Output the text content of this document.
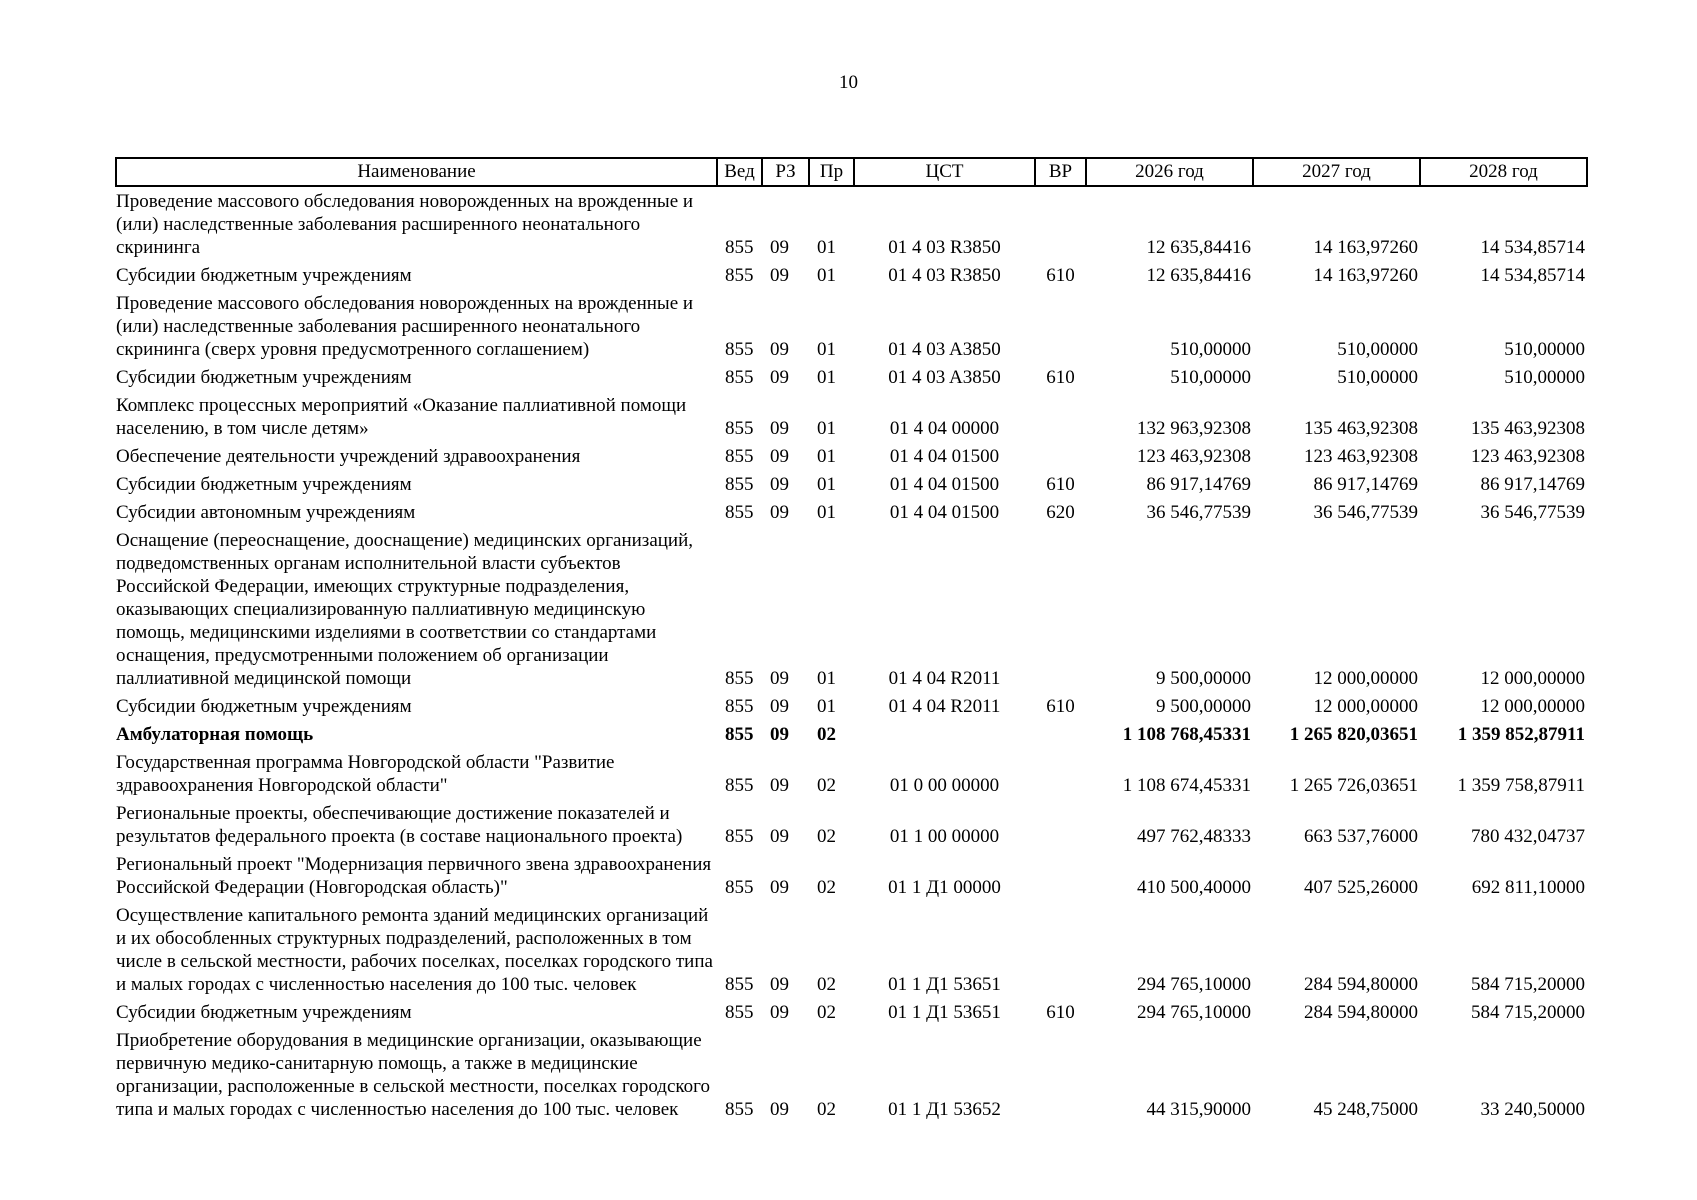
10
Наименование	Вед	РЗ	Пр	ЦСТ	ВР	2026 год	2027 год	2028 год
Проведение массового обследования новорожденных на врожденные и (или) наследственные заболевания расширенного неонатального скрининга	855	09	01	01 4 03 R3850		12 635,84416	14 163,97260	14 534,85714
Субсидии бюджетным учреждениям	855	09	01	01 4 03 R3850	610	12 635,84416	14 163,97260	14 534,85714
Проведение массового обследования новорожденных на врожденные и (или) наследственные заболевания расширенного неонатального скрининга (сверх уровня предусмотренного соглашением)	855	09	01	01 4 03 A3850		510,00000	510,00000	510,00000
Субсидии бюджетным учреждениям	855	09	01	01 4 03 A3850	610	510,00000	510,00000	510,00000
Комплекс процессных мероприятий «Оказание паллиативной помощи населению, в том числе детям»	855	09	01	01 4 04 00000		132 963,92308	135 463,92308	135 463,92308
Обеспечение деятельности учреждений здравоохранения	855	09	01	01 4 04 01500		123 463,92308	123 463,92308	123 463,92308
Субсидии бюджетным учреждениям	855	09	01	01 4 04 01500	610	86 917,14769	86 917,14769	86 917,14769
Субсидии автономным учреждениям	855	09	01	01 4 04 01500	620	36 546,77539	36 546,77539	36 546,77539
Оснащение (переоснащение, дооснащение) медицинских организаций, подведомственных органам исполнительной власти субъектов Российской Федерации, имеющих структурные подразделения, оказывающих специализированную паллиативную медицинскую помощь, медицинскими изделиями в соответствии со стандартами оснащения, предусмотренными положением об организации паллиативной медицинской помощи	855	09	01	01 4 04 R2011		9 500,00000	12 000,00000	12 000,00000
Субсидии бюджетным учреждениям	855	09	01	01 4 04 R2011	610	9 500,00000	12 000,00000	12 000,00000
Амбулаторная помощь	855	09	02			1 108 768,45331	1 265 820,03651	1 359 852,87911
Государственная программа Новгородской области "Развитие здравоохранения Новгородской области"	855	09	02	01 0 00 00000		1 108 674,45331	1 265 726,03651	1 359 758,87911
Региональные проекты, обеспечивающие достижение показателей и результатов федерального проекта (в составе национального проекта)	855	09	02	01 1 00 00000		497 762,48333	663 537,76000	780 432,04737
Региональный проект "Модернизация первичного звена здравоохранения Российской Федерации (Новгородская область)"	855	09	02	01 1 Д1 00000		410 500,40000	407 525,26000	692 811,10000
Осуществление капитального ремонта зданий медицинских организаций и их обособленных структурных подразделений, расположенных в том числе в сельской местности, рабочих поселках, поселках городского типа и малых городах с численностью населения до 100 тыс. человек	855	09	02	01 1 Д1 53651		294 765,10000	284 594,80000	584 715,20000
Субсидии бюджетным учреждениям	855	09	02	01 1 Д1 53651	610	294 765,10000	284 594,80000	584 715,20000
Приобретение оборудования в медицинские организации, оказывающие первичную медико-санитарную помощь, а также в медицинские организации, расположенные в сельской местности, поселках городского типа и малых городах с численностью населения до 100 тыс. человек	855	09	02	01 1 Д1 53652		44 315,90000	45 248,75000	33 240,50000
